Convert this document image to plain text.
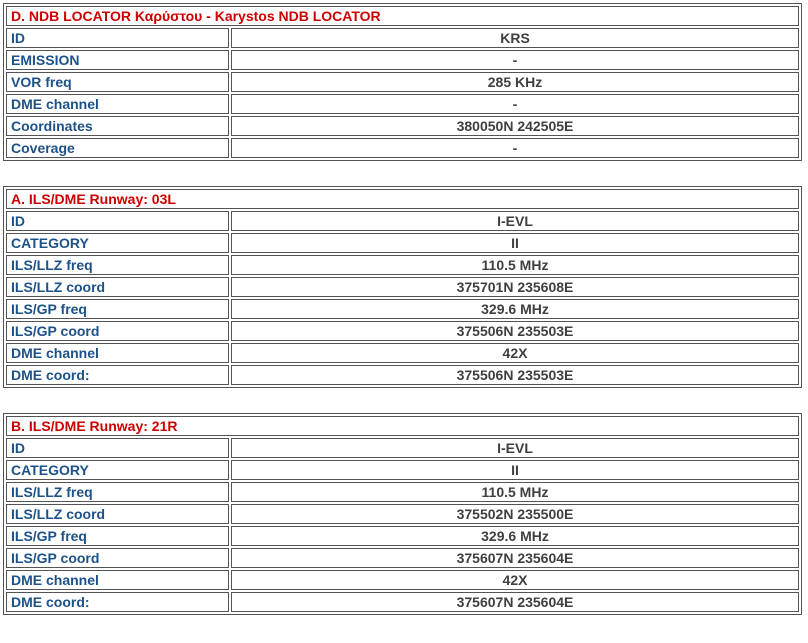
D. NDB LOCATOR Καρύστου - Karystos NDB LOCATOR	
ID	KRS
EMISSION	-
VOR freq	285 KHz
DME channel	-
Coordinates	380050N 242505E
Coverage	-
A. ILS/DME Runway: 03L	
ID	I-EVL
CATEGORY	II
ILS/LLZ freq	110.5 MHz
ILS/LLZ coord	375701N 235608E
ILS/GP freq	329.6 MHz
ILS/GP coord	375506N 235503E
DME channel	42X
DME coord:	375506N 235503E
B. ILS/DME Runway: 21R	
ID	I-EVL
CATEGORY	II
ILS/LLZ freq	110.5 MHz
ILS/LLZ coord	375502N 235500E
ILS/GP freq	329.6 MHz
ILS/GP coord	375607N 235604E
DME channel	42X
DME coord:	375607N 235604E
